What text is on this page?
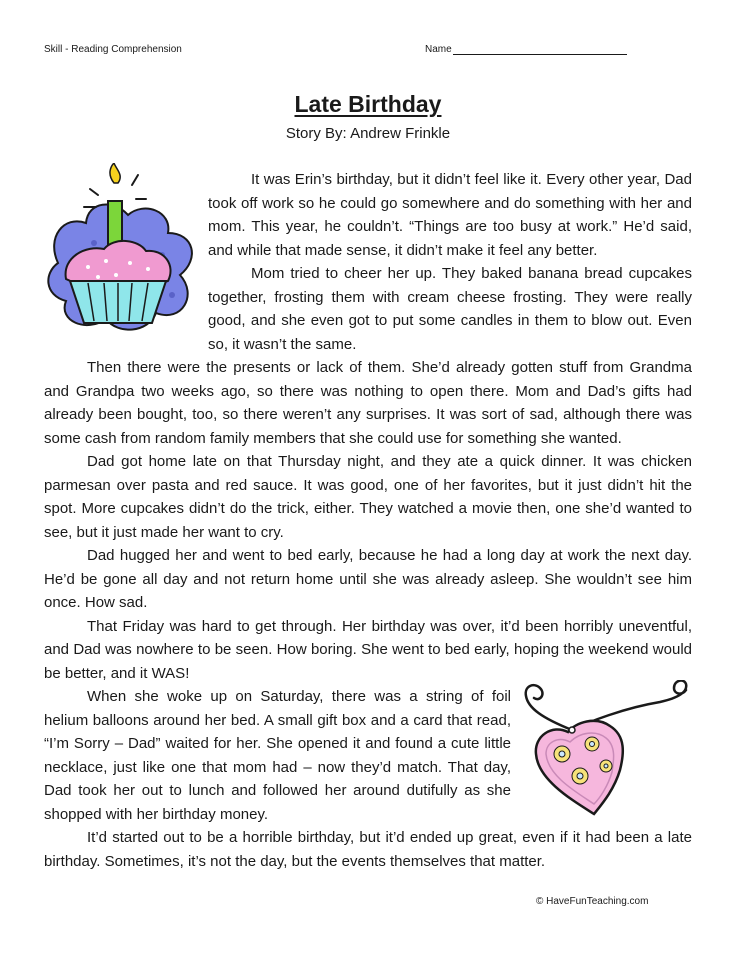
Skill - Reading Comprehension	Name
Late Birthday
Story By: Andrew Frinkle

It was Erin’s birthday, but it didn’t feel like it. Every other year, Dad took off work so he could go somewhere and do something with her and mom. This year, he couldn’t. “Things are too busy at work.” He’d said, and while that made sense, it didn’t make it feel any better.

Mom tried to cheer her up. They baked banana bread cupcakes together, frosting them with cream cheese frosting. They were really good, and she even got to put some candles in them to blow out. Even so, it wasn’t the same.

Then there were the presents or lack of them. She’d already gotten stuff from Grandma and Grandpa two weeks ago, so there was nothing to open there. Mom and Dad’s gifts had already been bought, too, so there weren’t any surprises. It was sort of sad, although there was some cash from random family members that she could use for something she wanted.

Dad got home late on that Thursday night, and they ate a quick dinner. It was chicken parmesan over pasta and red sauce. It was good, one of her favorites, but it just didn’t hit the spot. More cupcakes didn’t do the trick, either. They watched a movie then, one she’d wanted to see, but it just made her want to cry.

Dad hugged her and went to bed early, because he had a long day at work the next day. He’d be gone all day and not return home until she was already asleep. She wouldn’t see him once. How sad.

That Friday was hard to get through. Her birthday was over, it’d been horribly uneventful, and Dad was nowhere to be seen. How boring. She went to bed early, hoping the weekend would be better, and it WAS!

When she woke up on Saturday, there was a string of foil helium balloons around her bed. A small gift box and a card that read, “I’m Sorry – Dad” waited for her. She opened it and found a cute little necklace, just like one that mom had – now they’d match. That day, Dad took her out to lunch and followed her around dutifully as she shopped with her birthday money.

It’d started out to be a horrible birthday, but it’d ended up great, even if it had been a late birthday. Sometimes, it’s not the day, but the events themselves that matter.

© HaveFunTeaching.com
